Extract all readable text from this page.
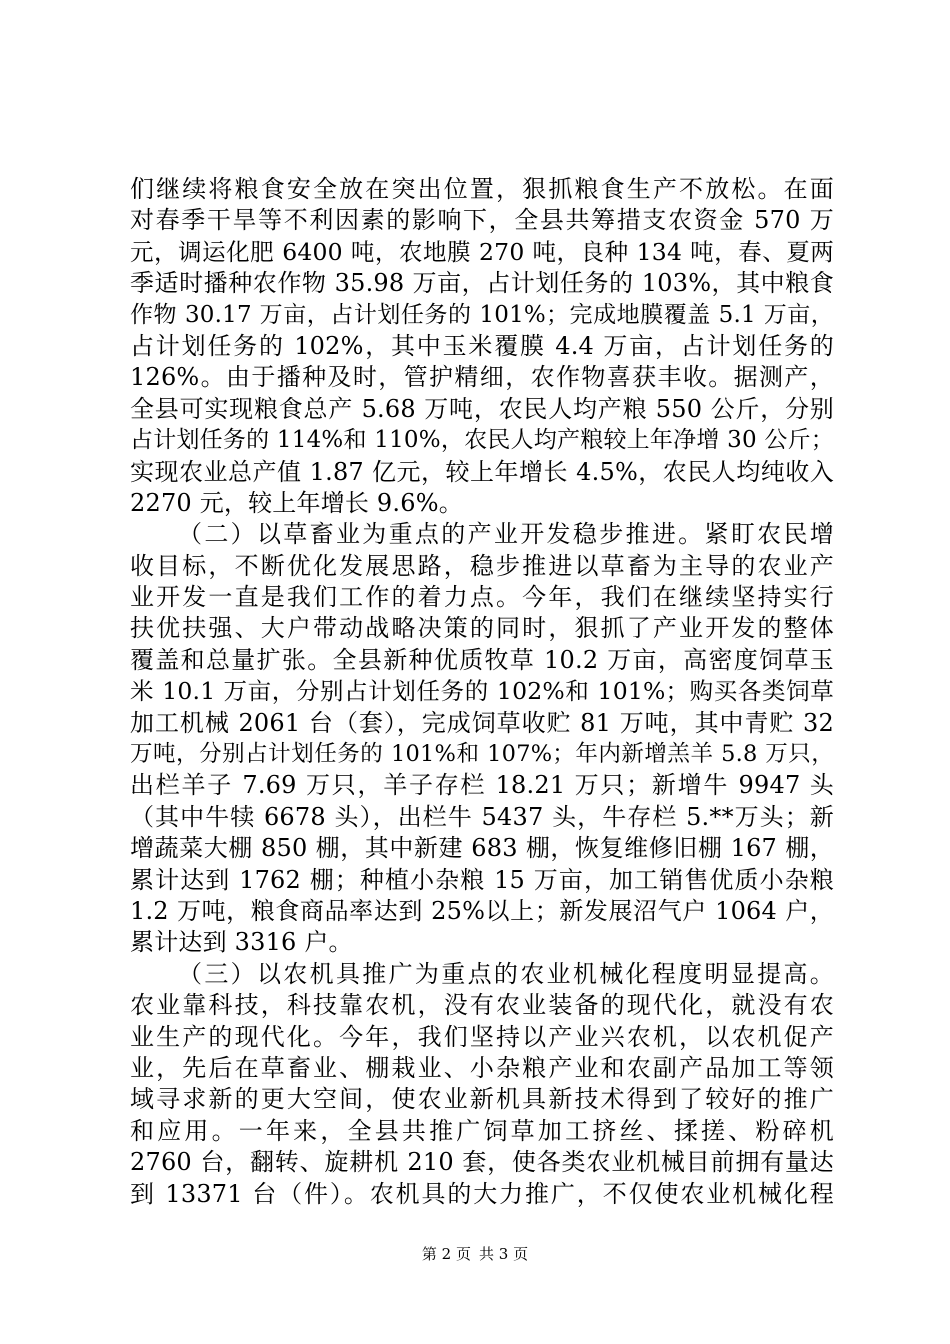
们继续将粮食安全放在突出位置，狠抓粮食生产不放松。在面
对春季干旱等不利因素的影响下，全县共筹措支农资金 570 万
元，调运化肥 6400 吨，农地膜 270 吨，良种 134 吨，春、夏两
季适时播种农作物 35.98 万亩，占计划任务的 103%，其中粮食
作物 30.17 万亩，占计划任务的 101%；完成地膜覆盖 5.1 万亩，
占计划任务的 102%，其中玉米覆膜 4.4 万亩，占计划任务的
126%。由于播种及时，管护精细，农作物喜获丰收。据测产，
全县可实现粮食总产 5.68 万吨，农民人均产粮 550 公斤，分别
占计划任务的 114%和 110%，农民人均产粮较上年净增 30 公斤；
实现农业总产值 1.87 亿元，较上年增长 4.5%，农民人均纯收入
2270 元，较上年增长 9.6%。
（二）以草畜业为重点的产业开发稳步推进。紧盯农民增
收目标，不断优化发展思路，稳步推进以草畜为主导的农业产
业开发一直是我们工作的着力点。今年，我们在继续坚持实行
扶优扶强、大户带动战略决策的同时，狠抓了产业开发的整体
覆盖和总量扩张。全县新种优质牧草 10.2 万亩，高密度饲草玉
米 10.1 万亩，分别占计划任务的 102%和 101%；购买各类饲草
加工机械 2061 台（套），完成饲草收贮 81 万吨，其中青贮 32
万吨，分别占计划任务的 101%和 107%；年内新增羔羊 5.8 万只，
出栏羊子 7.69 万只，羊子存栏 18.21 万只；新增牛 9947 头
（其中牛犊 6678 头），出栏牛 5437 头，牛存栏 5.**万头；新
增蔬菜大棚 850 棚，其中新建 683 棚，恢复维修旧棚 167 棚，
累计达到 1762 棚；种植小杂粮 15 万亩，加工销售优质小杂粮
1.2 万吨，粮食商品率达到 25%以上；新发展沼气户 1064 户，
累计达到 3316 户。
（三）以农机具推广为重点的农业机械化程度明显提高。
农业靠科技，科技靠农机，没有农业装备的现代化，就没有农
业生产的现代化。今年，我们坚持以产业兴农机，以农机促产
业，先后在草畜业、棚栽业、小杂粮产业和农副产品加工等领
域寻求新的更大空间，使农业新机具新技术得到了较好的推广
和应用。一年来，全县共推广饲草加工挤丝、揉搓、粉碎机
2760 台，翻转、旋耕机 210 套，使各类农业机械目前拥有量达
到 13371 台（件）。农机具的大力推广，不仅使农业机械化程
第 2 页 共 3 页
